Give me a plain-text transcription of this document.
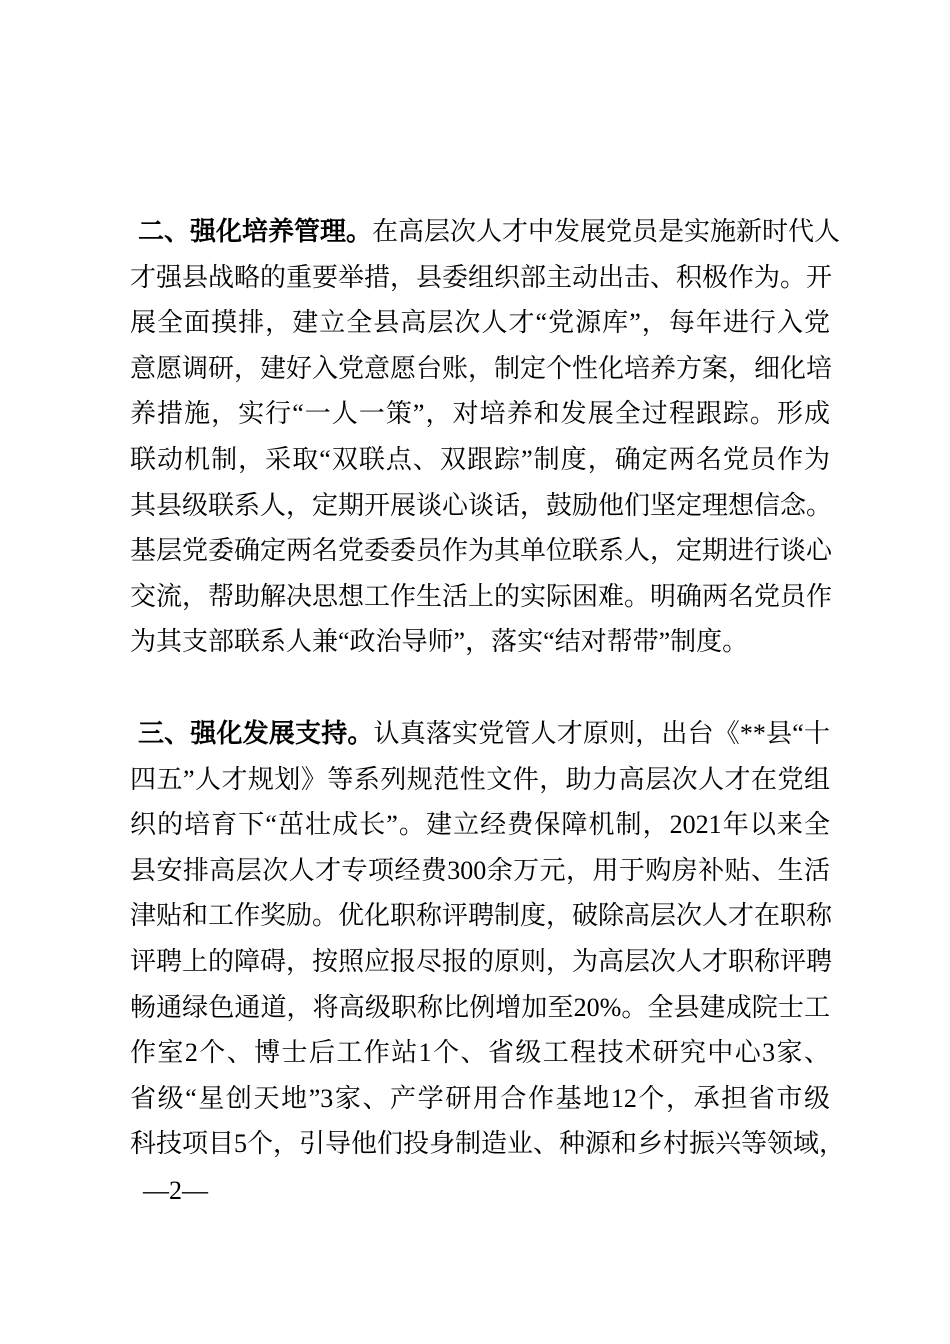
二、强化培养管理。在高层次人才中发展党员是实施新时代人
才强县战略的重要举措，县委组织部主动出击、积极作为。开
展全面摸排，建立全县高层次人才“党源库”，每年进行入党
意愿调研，建好入党意愿台账，制定个性化培养方案，细化培
养措施，实行“一人一策”，对培养和发展全过程跟踪。形成
联动机制，采取“双联点、双跟踪”制度，确定两名党员作为
其县级联系人，定期开展谈心谈话，鼓励他们坚定理想信念。
基层党委确定两名党委委员作为其单位联系人，定期进行谈心
交流，帮助解决思想工作生活上的实际困难。明确两名党员作
为其支部联系人兼“政治导师”，落实“结对帮带”制度。
三、强化发展支持。认真落实党管人才原则，出台《**县“十
四五”人才规划》等系列规范性文件，助力高层次人才在党组
织的培育下“茁壮成长”。建立经费保障机制，2021年以来全
县安排高层次人才专项经费300余万元，用于购房补贴、生活
津贴和工作奖励。优化职称评聘制度，破除高层次人才在职称
评聘上的障碍，按照应报尽报的原则，为高层次人才职称评聘
畅通绿色通道，将高级职称比例增加至20%。全县建成院士工
作室2个、博士后工作站1个、省级工程技术研究中心3家、
省级“星创天地”3家、产学研用合作基地12个，承担省市级
科技项目5个，引导他们投身制造业、种源和乡村振兴等领域，
—2—
